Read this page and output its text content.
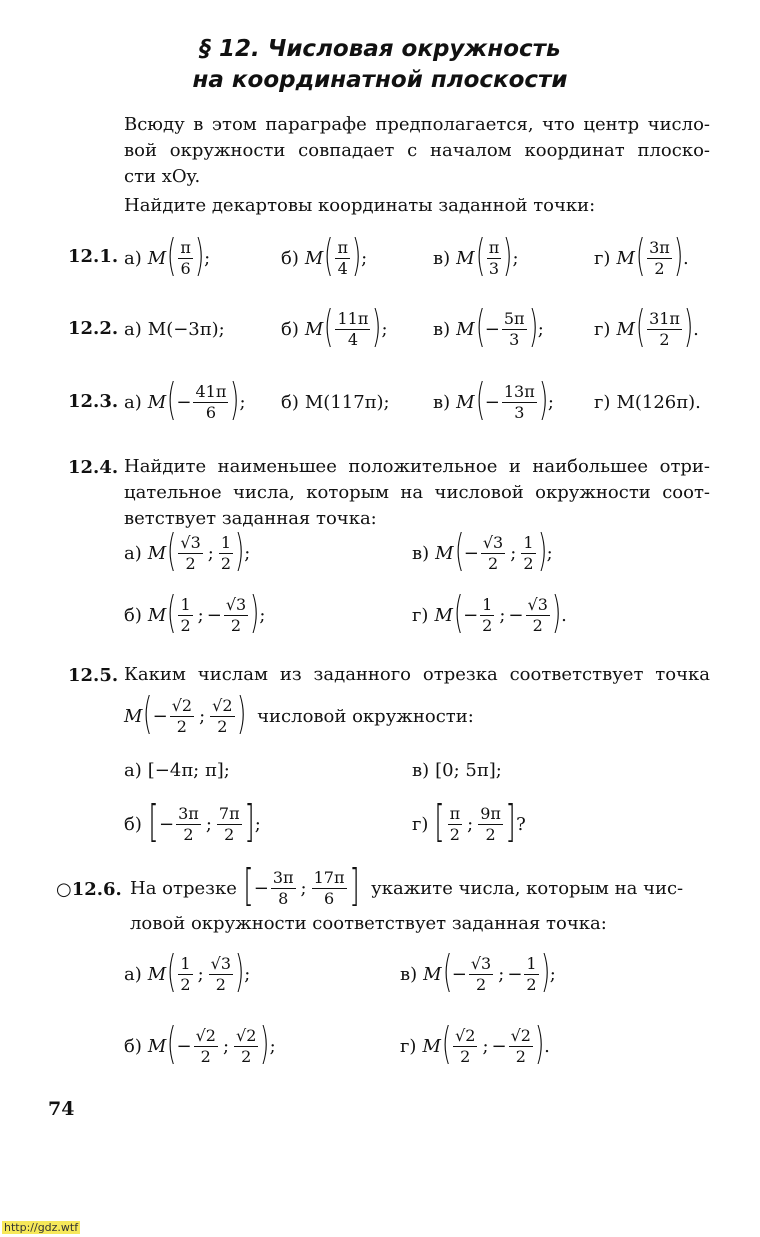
§ 12. Числовая окружность
на координатной плоскости
Всюду в этом параграфе предполагается, что центр число-
вой окружности совпадает с началом координат плоско-
сти xOy.
Найдите декартовы координаты заданной точки:
12.1. а) M ( $\frac{\pi}{6}$ ) ;	б) M ( $\frac{\pi}{4}$ ) ;	в) M ( $\frac{\pi}{3}$ ) ;	г) M ( $\frac{3\pi}{2}$ ) .
12.2. а) M(−3π);	б) M ( $\frac{11\pi}{4}$ ) ;	в) M ( − $\frac{5\pi}{3}$ ) ;	г) M ( $\frac{31\pi}{2}$ ) .
12.3. а) M ( − $\frac{41\pi}{6}$ ) ; б) M(117π); в) M ( − $\frac{13\pi}{3}$ ) ; г) M(126π).
12.4. Найдите наименьшее положительное и наибольшее отри-
цательное числа, которым на числовой окружности соот-
ветствует заданная точка:
а) M ( $\frac{√3}{2}$ ; $\frac{1}{2}$ ) ;	в) M ( − $\frac{√3}{2}$ ; $\frac{1}{2}$ ) ;
б) M ( $\frac{1}{2}$ ; − $\frac{√3}{2}$ ) ;	г) M ( − $\frac{1}{2}$ ; − $\frac{√3}{2}$ ) .
12.5. Каким числам из заданного отрезка соответствует точка
M ( − $\frac{√2}{2}$ ; $\frac{√2}{2}$ )
числовой окружности:
а) [−4π; π];	в) [0; 5π];
б) [ − $\frac{3\pi}{2}$ ; $\frac{7\pi}{2}$ ] ;	г) [ $\frac{\pi}{2}$ ; $\frac{9\pi}{2}$ ] ?
○12.6. На отрезке
[ − $\frac{3\pi}{8}$ ; $\frac{17\pi}{6}$ ]
укажите числа, которым на чис-
ловой окружности соответствует заданная точка:
а) M ( $\frac{1}{2}$ ; $\frac{√3}{2}$ ) ;	в) M ( − $\frac{√3}{2}$ ; − $\frac{1}{2}$ ) ;
б) M ( − $\frac{√2}{2}$ ; $\frac{√2}{2}$ ) ;	г) M ( $\frac{√2}{2}$ ; − $\frac{√2}{2}$ ) .
74
http://gdz.wtf
